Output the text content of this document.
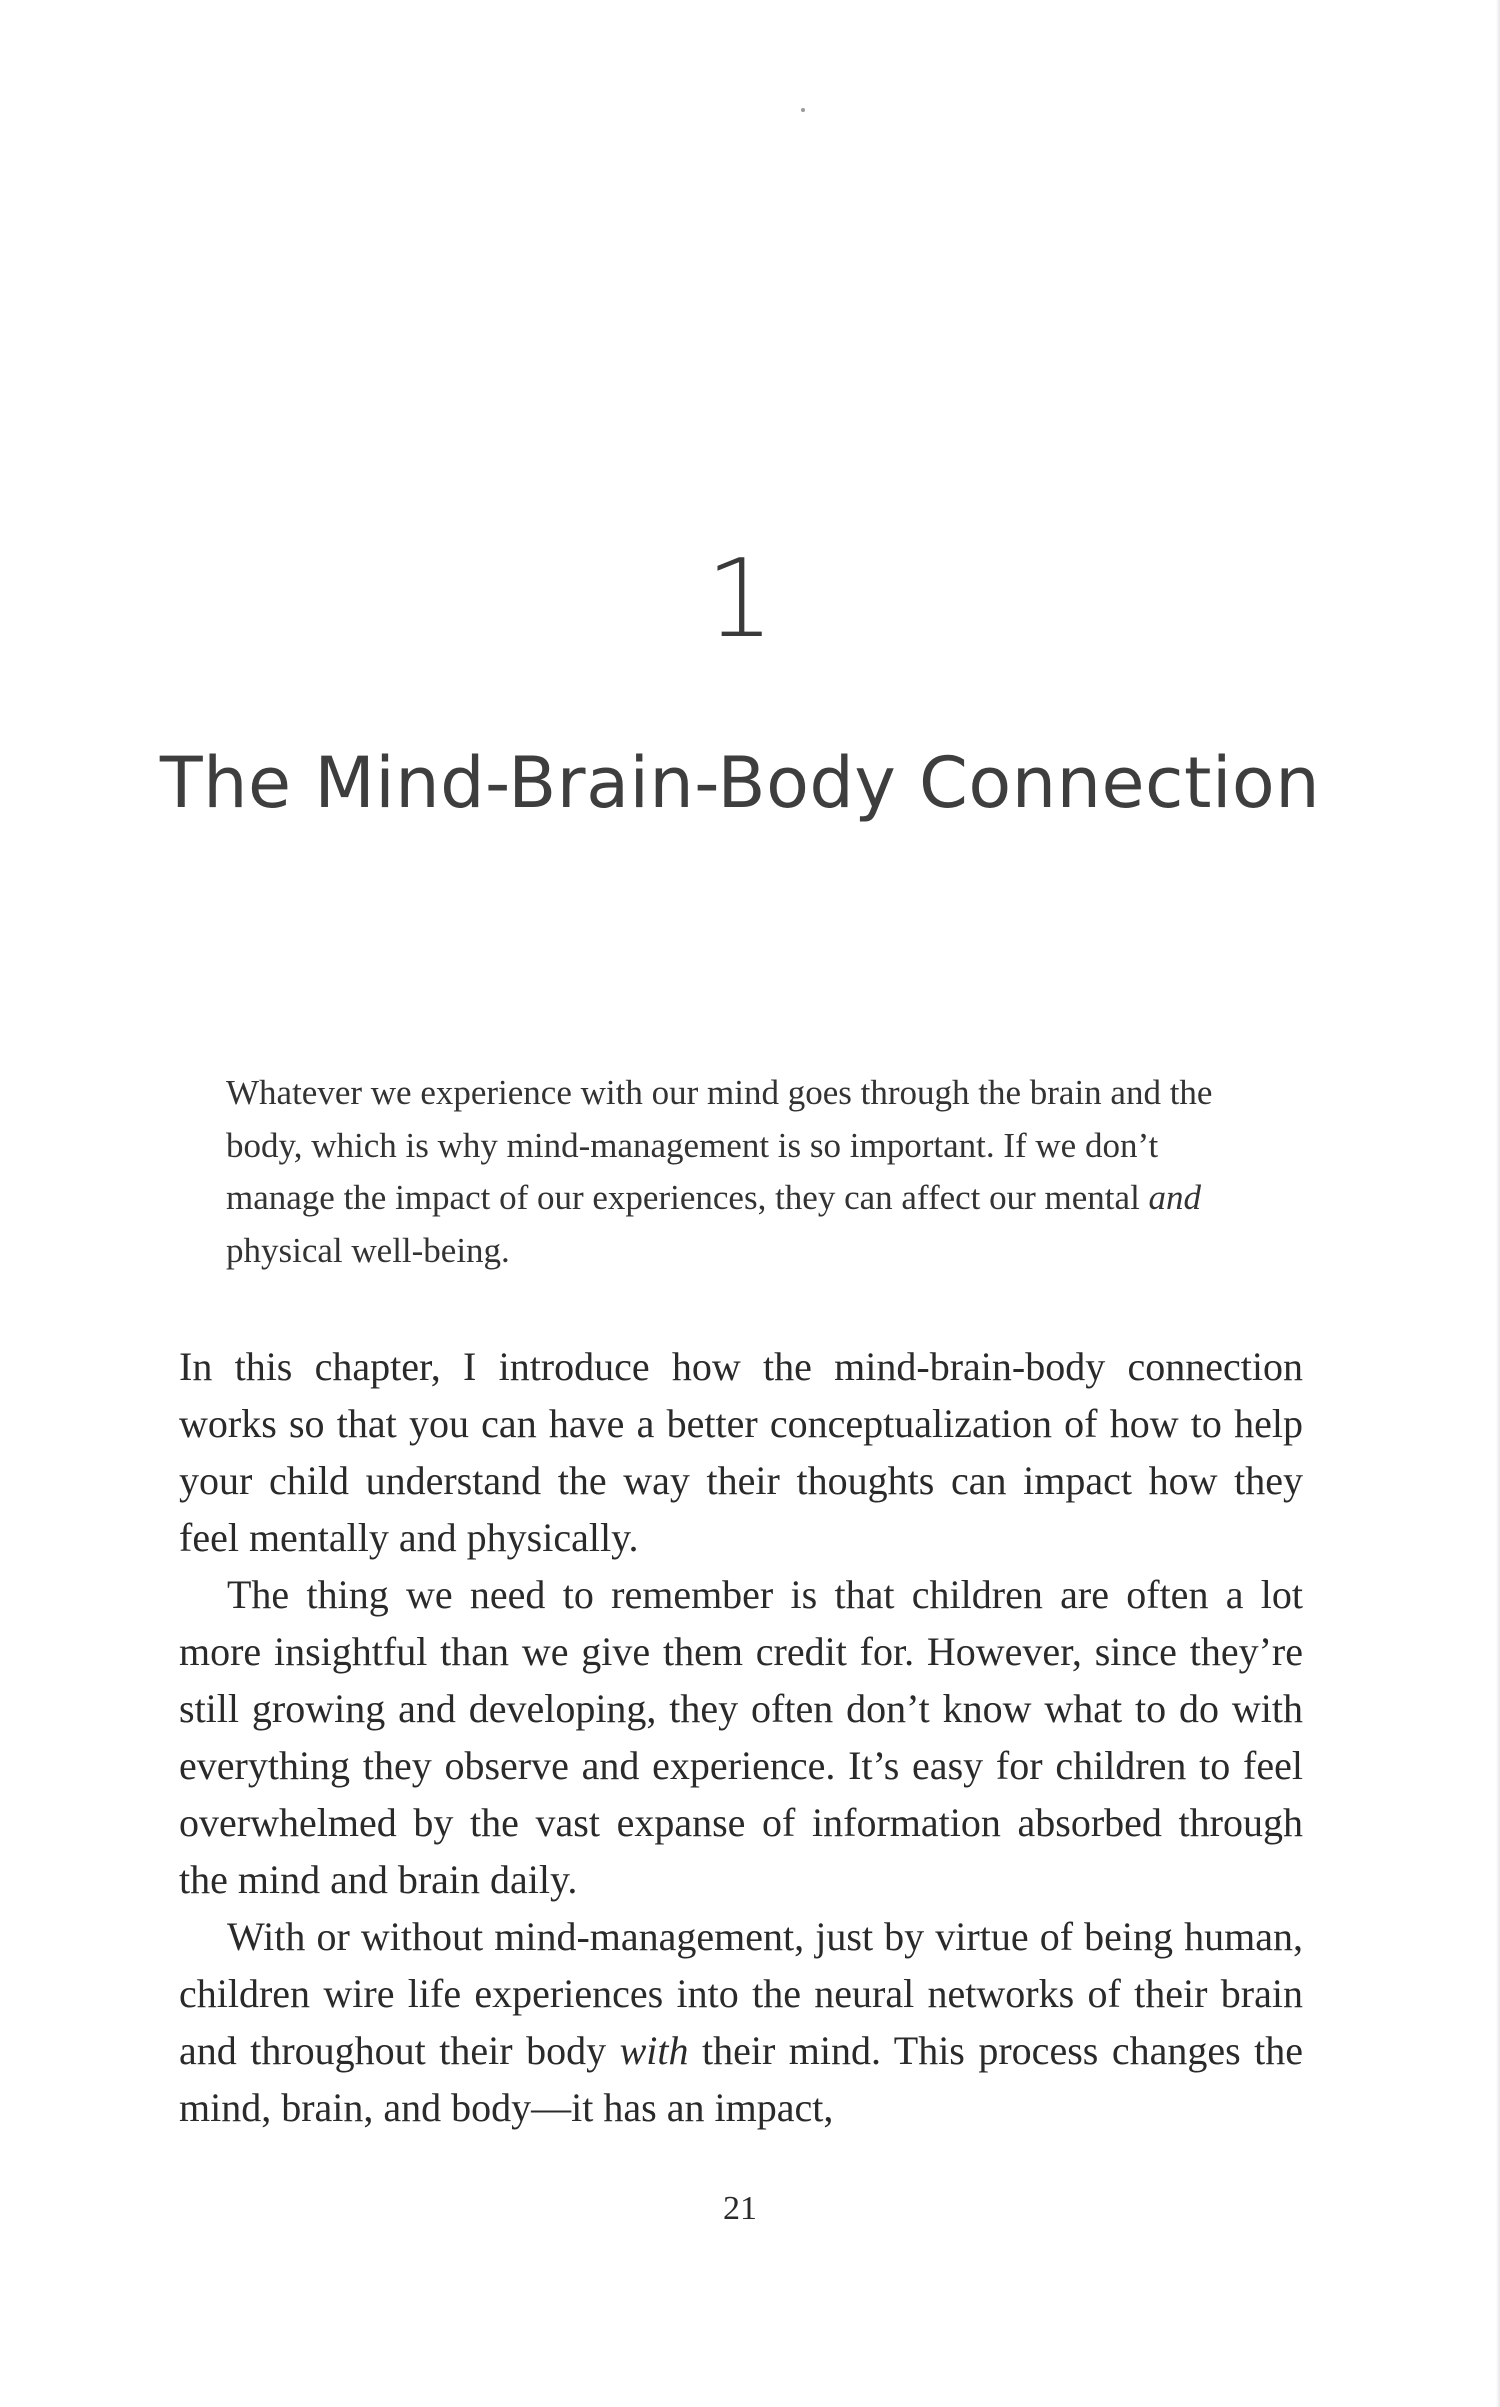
1
The Mind-Brain-Body Connection
Whatever we experience with our mind goes through the brain and the body, which is why mind-management is so important. If we don’t manage the impact of our experiences, they can affect our mental and physical well-being.

In this chapter, I introduce how the mind-brain-body connection works so that you can have a better conceptualization of how to help your child understand the way their thoughts can impact how they feel mentally and physically.

The thing we need to remember is that children are often a lot more insightful than we give them credit for. However, since they’re still growing and developing, they often don’t know what to do with everything they observe and experience. It’s easy for children to feel overwhelmed by the vast expanse of information absorbed through the mind and brain daily.

With or without mind-management, just by virtue of being human, children wire life experiences into the neural networks of their brain and throughout their body with their mind. This process changes the mind, brain, and body—it has an impact,

21
